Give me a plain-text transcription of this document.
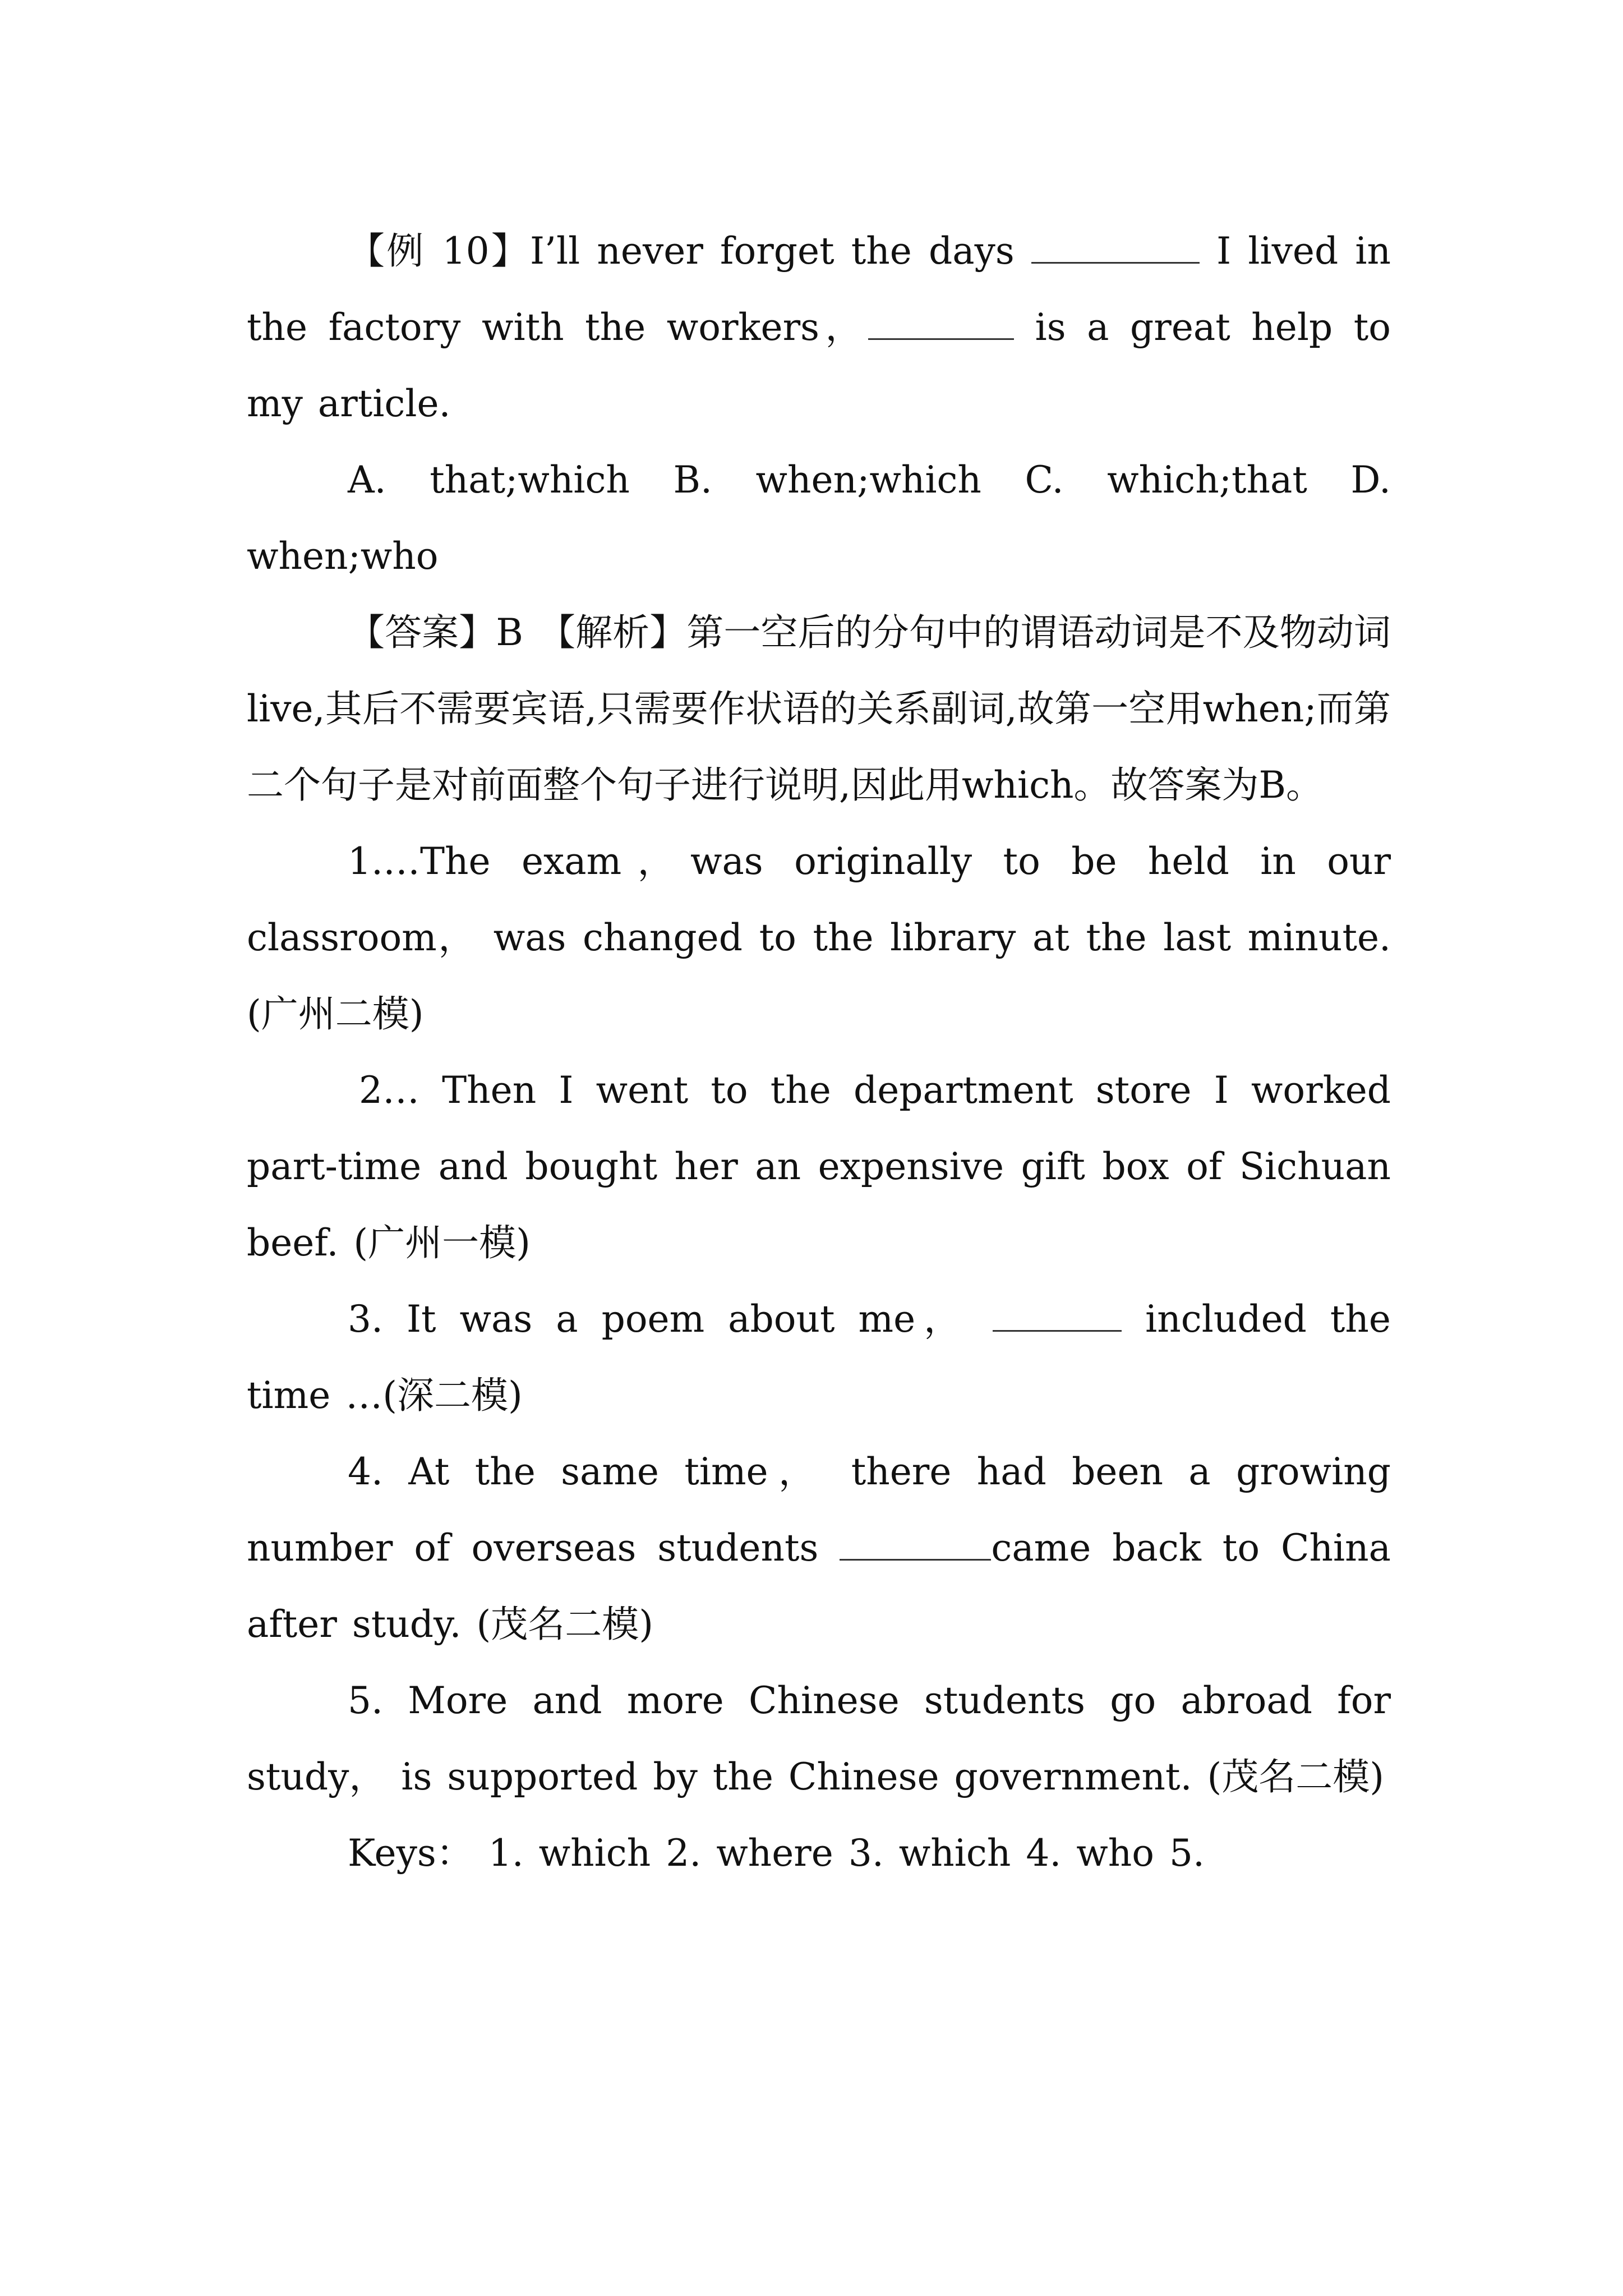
【例 10】I’ll never forget the days	I lived in the factory with the workers，	is a great help to my article.

A. that;which B. when;which C. which;that D. when;who

【答案】B 【解析】第一空后的分句中的谓语动词是不及物动词live,其后不需要宾语,只需要作状语的关系副词,故第一空用when;而第二个句子是对前面整个句子进行说明,因此用which。故答案为B。

1.…The exam，was originally to be held in our classroom， was changed to the library at the last minute.(广州二模)

2… Then I went to the department store I worked part-time and bought her an expensive gift box of Sichuan beef. (广州一模)

3. It was a poem about me，	included the time …(深二模)

4. At the same time， there had been a growing number of overseas students	came back to China after study. (茂名二模)

5. More and more Chinese students go abroad for study， is supported by the Chinese government. (茂名二模)

Keys： 1. which 2. where 3. which 4. who 5.
